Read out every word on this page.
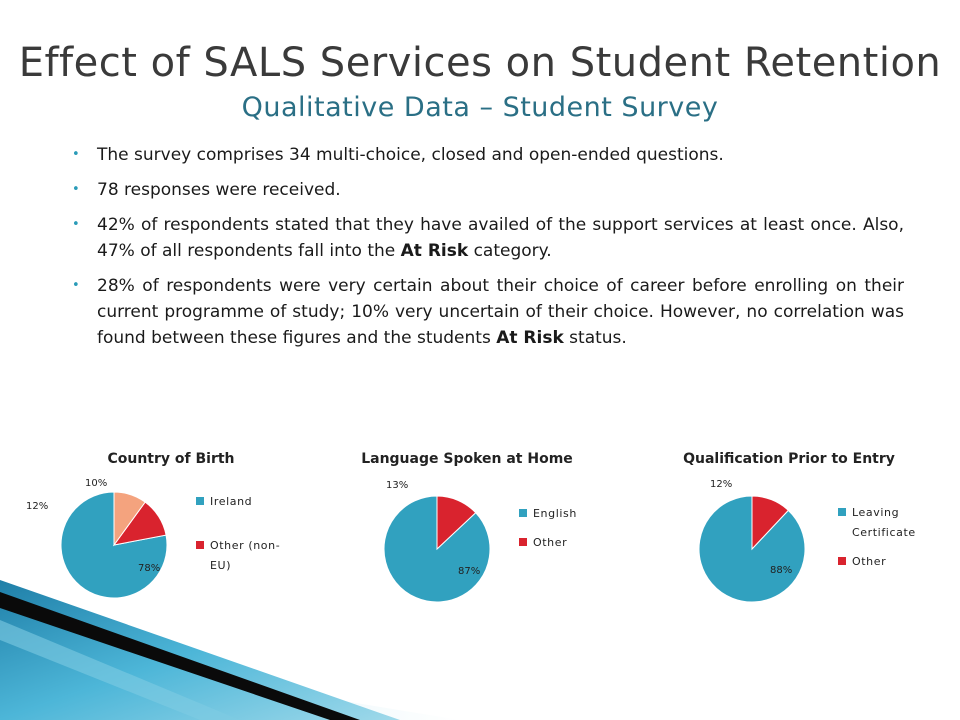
Effect of SALS Services on Student Retention
Qualitative Data – Student Survey
• The survey comprises 34 multi-choice, closed and open-ended questions.
• 78 responses were received.
• 42% of respondents stated that they have availed of the support services at least once. Also, 47% of all respondents fall into the At Risk category.
• 28% of respondents were very certain about their choice of career before enrolling on their current programme of study; 10% very uncertain of their choice. However, no correlation was found between these figures and the students At Risk status.
Country of Birth
78%
12%
10%
Ireland
Other (non-
EU)
Language Spoken at Home
87%
13%
English
Other
Qualification Prior to Entry
88%
12%
Leaving
Certificate
Other
